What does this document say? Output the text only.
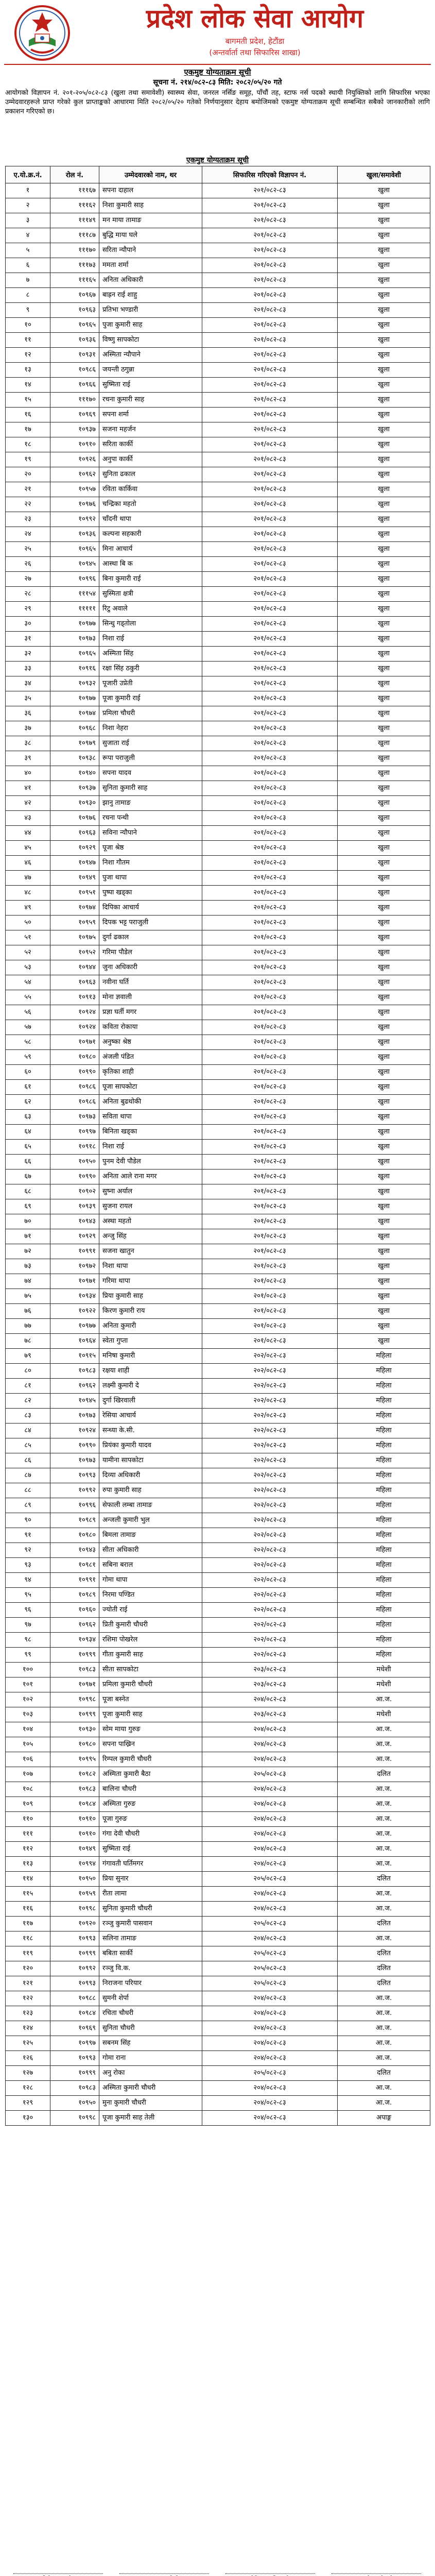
प्रदेश लोक सेवा आयोग
बागमती प्रदेश, हेटौंडा
(अन्तर्वार्ता तथा सिफारिस शाखा)
एकमुष्ट योग्यताक्रम सूची
सूचना नं. २१४/०८२-८३ मिति: २०८२/०५/२० गते
आयोगको विज्ञापन नं. २०१-२०५/०८२-८३ (खुला तथा समावेशी) स्वास्थ्य सेवा, जनरल नर्सिङ समूह, पाँचौं तह, स्टाफ नर्स पदको स्थायी नियुक्तिको लागि सिफारिस भएका उम्मेदवारहरूले प्राप्त गरेको कुल प्राप्ताङ्कको आधारमा मिति २०८२/०५/२० गतेको निर्णयानुसार देहाय बमोजिमको एकमुष्ट योग्यताक्रम सूची सम्बन्धित सबैको जानकारीको लागि प्रकाशन गरिएको छ।
एकमुष्ट योग्यताक्रम सूची
ए.यो.क्र.नं.	रोल नं.	उम्मेदवारको नाम, थर	सिफारिस गरिएको विज्ञापन नं.	खुला/समावेशी
१	१११६७	सपना दाहाल	२०१/०८२-८३	खुला
२	१११६२	निशा कुमारी साह	२०१/०८२-८३	खुला
३	१११४९	मन माया तामाङ	२०१/०८२-८३	खुला
४	१११८७	बुद्धि माया घले	२०१/०८२-८३	खुला
५	१११७०	सरिता न्यौपाने	२०१/०८२-८३	खुला
६	१११७३	ममता शर्मा	२०१/०८२-८३	खुला
७	१११६५	अनिता अधिकारी	२०१/०८२-८३	खुला
८	१०९६७	बाह्रन राई शाहु	२०१/०८२-८३	खुला
९	१०९६३	प्रतिभा भण्डारी	२०१/०८२-८३	खुला
१०	१०९६५	पुजा कुमारी साह	२०१/०८२-८३	खुला
११	१०९३६	विष्णु सापकोटा	२०१/०८२-८३	खुला
१२	१०९३१	अस्मिता न्यौपाने	२०१/०८२-८३	खुला
१३	१०९८६	जयन्ती ठगुन्ना	२०१/०८२-८३	खुला
१४	१०९६६	सुष्मिता राई	२०१/०८२-८३	खुला
१५	१११७०	रचना कुमारी साह	२०१/०८२-८३	खुला
१६	१०९६९	सपना शर्मा	२०१/०८२-८३	खुला
१७	१०९३७	सजना महर्जन	२०१/०८२-८३	खुला
१८	१०९१०	सरिता कार्की	२०१/०८२-८३	खुला
१९	१०९२६	अनुपा कार्की	२०१/०८२-८३	खुला
२०	१०९६२	सुनिता ढकाल	२०१/०८२-८३	खुला
२१	१०९५७	रविता कार्किवा	२०१/०८२-८३	खुला
२२	१०९७६	चन्द्रिका महतो	२०१/०८२-८३	खुला
२३	१०९९२	चाँदनी थापा	२०१/०८२-८३	खुला
२४	१०९३६	कल्पना सहकारी	२०१/०८२-८३	खुला
२५	१०९६५	मिना आचार्य	२०१/०८२-८३	खुला
२६	१०९४५	आस्था बि क	२०१/०८२-८३	खुला
२७	१०९९६	बिना कुमारी राई	२०१/०८२-८३	खुला
२८	१११५४	सुस्मिता क्षत्री	२०१/०८२-८३	खुला
२९	१११११	रिटु अवाले	२०१/०८२-८३	खुला
३०	१०९७७	सिन्धु गड्तोला	२०१/०८२-८३	खुला
३१	१०९७३	निशा राई	२०१/०८२-८३	खुला
३२	१०९६५	अस्मिता सिंह	२०१/०८२-८३	खुला
३३	१०९१६	रक्षा सिंह ठकुरी	२०१/०८२-८३	खुला
३४	१०९३२	पूजारी उप्रेती	२०१/०८२-८३	खुला
३५	१०९७७	पूजा कुमारी राई	२०१/०८२-८३	खुला
३६	१०९७४	प्रमिला चौधरी	२०१/०८२-८३	खुला
३७	१०९६८	निशा नेहरा	२०१/०८२-८३	खुला
३८	१०९७९	सुजाता राई	२०१/०८२-८३	खुला
३९	१०९३८	रूपा पराजुली	२०१/०८२-८३	खुला
४०	१०९४०	सपना यादव	२०१/०८२-८३	खुला
४१	१०९३७	सुनिता कुमारी साह	२०१/०८२-८३	खुला
४२	१०९३०	झानु तामाङ	२०१/०८२-८३	खुला
४३	१०९७६	रचना पन्थी	२०१/०८२-८३	खुला
४४	१०९६३	सविना न्यौपाने	२०१/०८२-८३	खुला
४५	१०९२९	पूजा श्रेष्ठ	२०१/०८२-८३	खुला
४६	१०९४७	निशा गौतम	२०१/०८२-८३	खुला
४७	१०९४९	पुजा थापा	२०१/०८२-८३	खुला
४८	१०९५१	पुष्पा खड्का	२०१/०८२-८३	खुला
४९	१०९७४	दिपिका आचार्य	२०१/०८२-८३	खुला
५०	१०९५९	दिपक भट्ट पराजुली	२०१/०८२-८३	खुला
५१	१०९७५	दुर्गा ढकाल	२०१/०८२-८३	खुला
५२	१०९५२	गरिमा पौडेल	२०१/०८२-८३	खुला
५३	१०९४४	जुना अधिकारी	२०१/०८२-८३	खुला
५४	१०९६३	नवीना घर्ति	२०१/०८२-८३	खुला
५५	१०९१३	मोना ज्ञवाली	२०१/०८२-८३	खुला
५६	१०९२४	प्रज्ञा घर्ती मगर	२०१/०८२-८३	खुला
५७	१०९२४	कविता रोकाया	२०१/०८२-८३	खुला
५८	१०९७१	अनुष्का श्रेष्ठ	२०१/०८२-८३	खुला
५९	१०९८०	अंजली पंडित	२०१/०८२-८३	खुला
६०	१०९९०	कृतिका शाही	२०१/०८२-८३	खुला
६१	१०९८६	पूजा सापकोटा	२०१/०८२-८३	खुला
६२	१०९८६	अनिता बुढथोकी	२०१/०८२-८३	खुला
६३	१०९७३	सविता थापा	२०१/०८२-८३	खुला
६४	१०९९७	बिनिता खड्का	२०१/०८२-८३	खुला
६५	१०९१८	निशा राई	२०१/०८२-८३	खुला
६६	१०९५०	पुनम देवी पौडेल	२०१/०८२-८३	खुला
६७	१०९९०	अनिता आले राना मगर	२०१/०८२-८३	खुला
६८	१०९०२	सुष्ना अर्याल	२०१/०८२-८३	खुला
६९	१०९३९	सुजना रायल	२०१/०८२-८३	खुला
७०	१०९४३	अस्था महतो	२०१/०८२-८३	खुला
७१	१०९२९	अन्जु सिंह	२०१/०८२-८३	खुला
७२	१०९९१	सजना खातुन	२०१/०८२-८३	खुला
७३	१०९७२	निशा थापा	२०१/०८२-८३	खुला
७४	१०९७१	गरिमा थापा	२०१/०८२-८३	खुला
७५	१०९३४	प्रिया कुमारी साह	२०१/०८२-८३	खुला
७६	१०९२२	किरण कुमारी राय	२०१/०८२-८३	खुला
७७	१०९७७	अनिता कुमारी	२०१/०८२-८३	खुला
७८	१०९६४	स्वेता गुप्ता	२०१/०८२-८३	खुला
७९	१०९१५	मनिषा कुमारी	२०२/०८२-८३	महिला
८०	१०९८३	रक्षया शाही	२०२/०८२-८३	महिला
८१	१०९६२	लक्ष्मी कुमारी दे	२०२/०८२-८३	महिला
८२	१०९४५	दुर्गा खिरवाली	२०२/०८२-८३	महिला
८३	१०९७३	रेसिया आचार्य	२०२/०८२-८३	महिला
८४	१०९२४	सन्ध्या के.सी.	२०२/०८२-८३	महिला
८५	१०९९०	प्रियंका कुमारी यादव	२०२/०८२-८३	महिला
८६	१०९७३	यामीना सापकोटा	२०२/०८२-८३	महिला
८७	१०९९३	दिव्या अधिकारी	२०२/०८२-८३	महिला
८८	१०९९२	रुपा कुमारी साह	२०२/०८२-८३	महिला
८९	१०९९६	सेफाली लम्बा तामाङ	२०२/०८२-८३	महिला
९०	१०९८९	अन्जली कुमारी भुल	२०२/०८२-८३	महिला
९१	१०९८०	बिमला तामाङ	२०२/०८२-८३	महिला
९२	१०९४३	सीता अधिकारी	२०२/०८२-८३	महिला
९३	१०९८१	सबिना बराल	२०२/०८२-८३	महिला
९४	१०९९१	गोमा थापा	२०२/०८२-८३	महिला
९५	१०९८९	निरमा पण्डित	२०२/०८२-८३	महिला
९६	१०९६०	ज्योती राई	२०२/०८२-८३	महिला
९७	१०९६२	प्रिती कुमारी चौधरी	२०२/०८२-८३	महिला
९८	१०९३४	रशिमा पोखरेल	२०२/०८२-८३	महिला
९९	१०९९९	गीता कुमारी साह	२०२/०८२-८३	महिला
१००	१०९८३	सीता सापकोटा	२०३/०८२-८३	मधेशी
१०१	१०९७१	प्रमिला कुमारी चौधरी	२०३/०८२-८३	मधेशी
१०२	१०९९८	पूजा बस्नेत	२०४/०८२-८३	आ.ज.
१०३	१०९९९	पूजा कुमारी साह	२०३/०८२-८३	मधेशी
१०४	१०९३०	सोम माया गुरुङ	२०४/०८२-८३	आ.ज.
१०५	१०९८०	सपना पाख्रिन	२०४/०८२-८३	आ.ज.
१०६	१०९९५	रिम्पल कुमारी चौधरी	२०४/०८२-८३	आ.ज.
१०७	१०९८२	अस्मिता कुमारी बैठा	२०५/०८२-८३	दलित
१०८	१०९८३	बालिना चौधरी	२०४/०८२-८३	आ.ज.
१०९	१०९८४	अस्मिता गुरुङ	२०४/०८२-८३	आ.ज.
११०	१०९१०	पूजा गुरुङ	२०४/०८२-८३	आ.ज.
१११	१०९१०	गंगा देवी चौधरी	२०४/०८२-८३	आ.ज.
११२	१०९४९	सुष्मिता राई	२०४/०८२-८३	आ.ज.
११३	१०९९४	गंगावती घर्तिमगर	२०४/०८२-८३	आ.ज.
११४	१०९५०	प्रिया सुनार	२०५/०८२-८३	दलित
११५	१०९५९	रीता लामा	२०४/०८२-८३	आ.ज.
११६	१०९९८	सुनिता कुमारी चौधरी	२०४/०८२-८३	आ.ज.
११७	१०९२०	रञ्जु कुमारी पासवान	२०५/०८२-८३	दलित
११८	१०९९३	सलिना तामाङ	२०४/०८२-८३	आ.ज.
११९	१०९९९	बबिता सार्की	२०५/०८२-८३	दलित
१२०	१०९९२	रञ्जु वि.क.	२०५/०८२-८३	दलित
१२१	१०९९३	निराजना परियार	२०५/०८२-८३	दलित
१२२	१०९८८	सुमनी शेर्पा	२०४/०८२-८३	आ.ज.
१२३	१०९८४	रचिता चौधरी	२०४/०८२-८३	आ.ज.
१२४	१०९६९	सुनिता चौधरी	२०४/०८२-८३	आ.ज.
१२५	१०९९७	सबनम सिंह	२०४/०८२-८३	आ.ज.
१२६	१०९९३	गोमा राना	२०४/०८२-८३	आ.ज.
१२७	१०९९९	अनु रोका	२०५/०८२-८३	दलित
१२८	१०९८३	अस्मिता कुमारी चौधरी	२०४/०८२-८३	आ.ज.
१२९	१०९५०	मुना कुमारी चौधरी	२०४/०८२-८३	आ.ज.
१३०	१०९९८	पूजा कुमारी साह तेली	२०४/०८२-८३	अपाङ्ग
